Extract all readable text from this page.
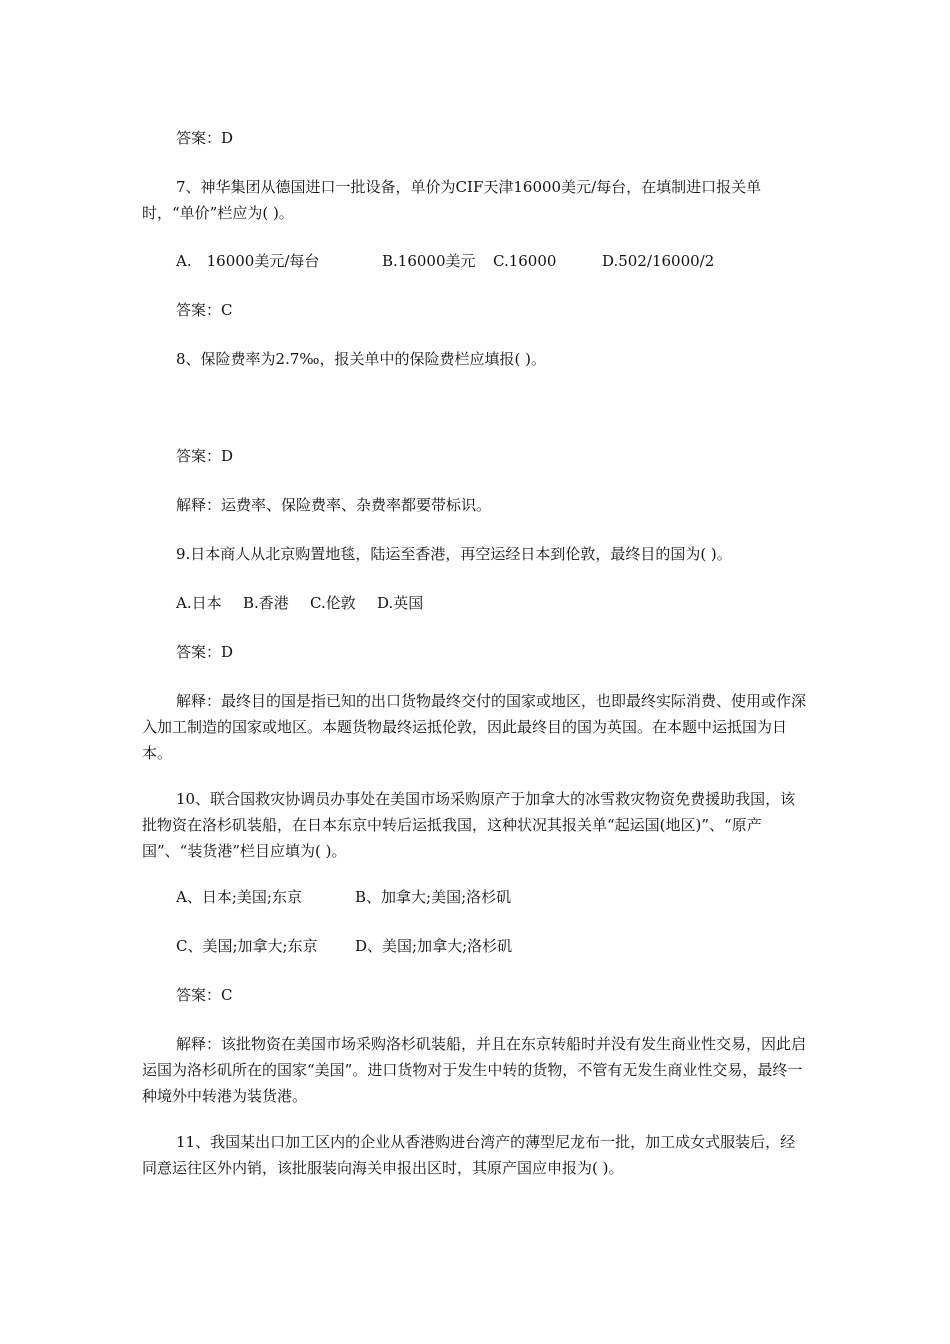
答案：D

7、神华集团从德国进口一批设备，单价为CIF天津16000美元/每台，在填制进口报关单时，“单价”栏应为( )。

A.　16000美元/每台	B.16000美元 C.16000	D.502/16000/2

答案：C

8、保险费率为2.7‰，报关单中的保险费栏应填报( )。

答案：D

解释：运费率、保险费率、杂费率都要带标识。

9.日本商人从北京购置地毯，陆运至香港，再空运经日本到伦敦，最终目的国为( )。

A.日本 B.香港 C.伦敦 D.英国

答案：D

解释：最终目的国是指已知的出口货物最终交付的国家或地区，也即最终实际消费、使用或作深入加工制造的国家或地区。本题货物最终运抵伦敦，因此最终目的国为英国。在本题中运抵国为日本。

10、联合国救灾协调员办事处在美国市场采购原产于加拿大的冰雪救灾物资免费援助我国，该批物资在洛杉矶装船，在日本东京中转后运抵我国，这种状况其报关单“起运国(地区)”、“原产国”、“装货港”栏目应填为( )。

A、日本;美国;东京	B、加拿大;美国;洛杉矶
C、美国;加拿大;东京 D、美国;加拿大;洛杉矶

答案：C

解释：该批物资在美国市场采购洛杉矶装船，并且在东京转船时并没有发生商业性交易，因此启运国为洛杉矶所在的国家“美国”。进口货物对于发生中转的货物，不管有无发生商业性交易，最终一种境外中转港为装货港。

11、我国某出口加工区内的企业从香港购进台湾产的薄型尼龙布一批，加工成女式服装后，经同意运往区外内销，该批服装向海关申报出区时，其原产国应申报为( )。
